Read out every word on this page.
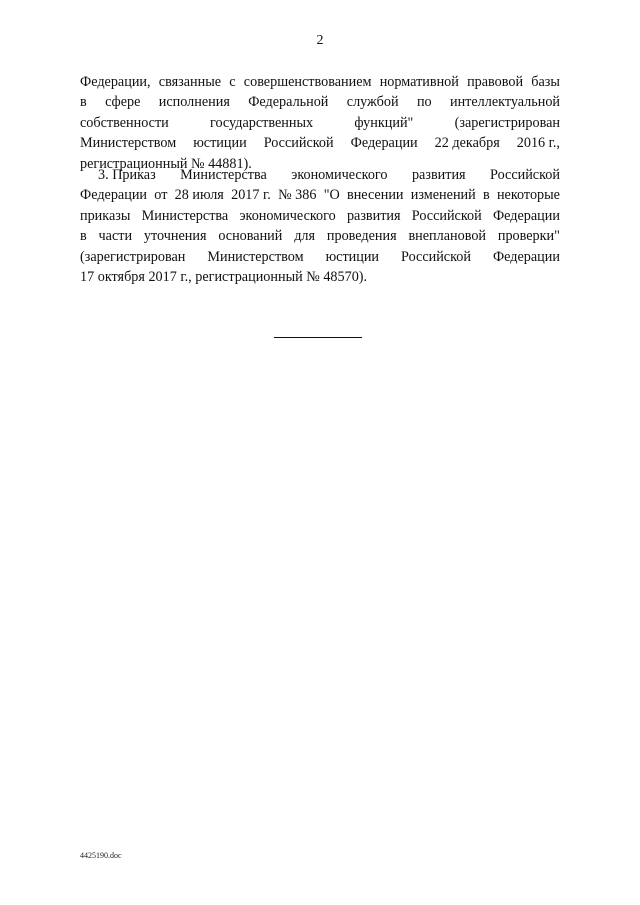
2
Федерации, связанные с совершенствованием нормативной правовой базы
в сфере исполнения Федеральной службой по интеллектуальной
собственности	государственных	функций"	(зарегистрирован
Министерством юстиции Российской Федерации 22 декабря 2016 г.,
регистрационный № 44881).
3. Приказ Министерства экономического развития Российской
Федерации от 28 июля 2017 г. № 386 "О внесении изменений в некоторые
приказы Министерства экономического развития Российской Федерации
в части уточнения оснований для проведения внеплановой проверки"
(зарегистрирован Министерством юстиции Российской Федерации
17 октября 2017 г., регистрационный № 48570).
4425190.doc
